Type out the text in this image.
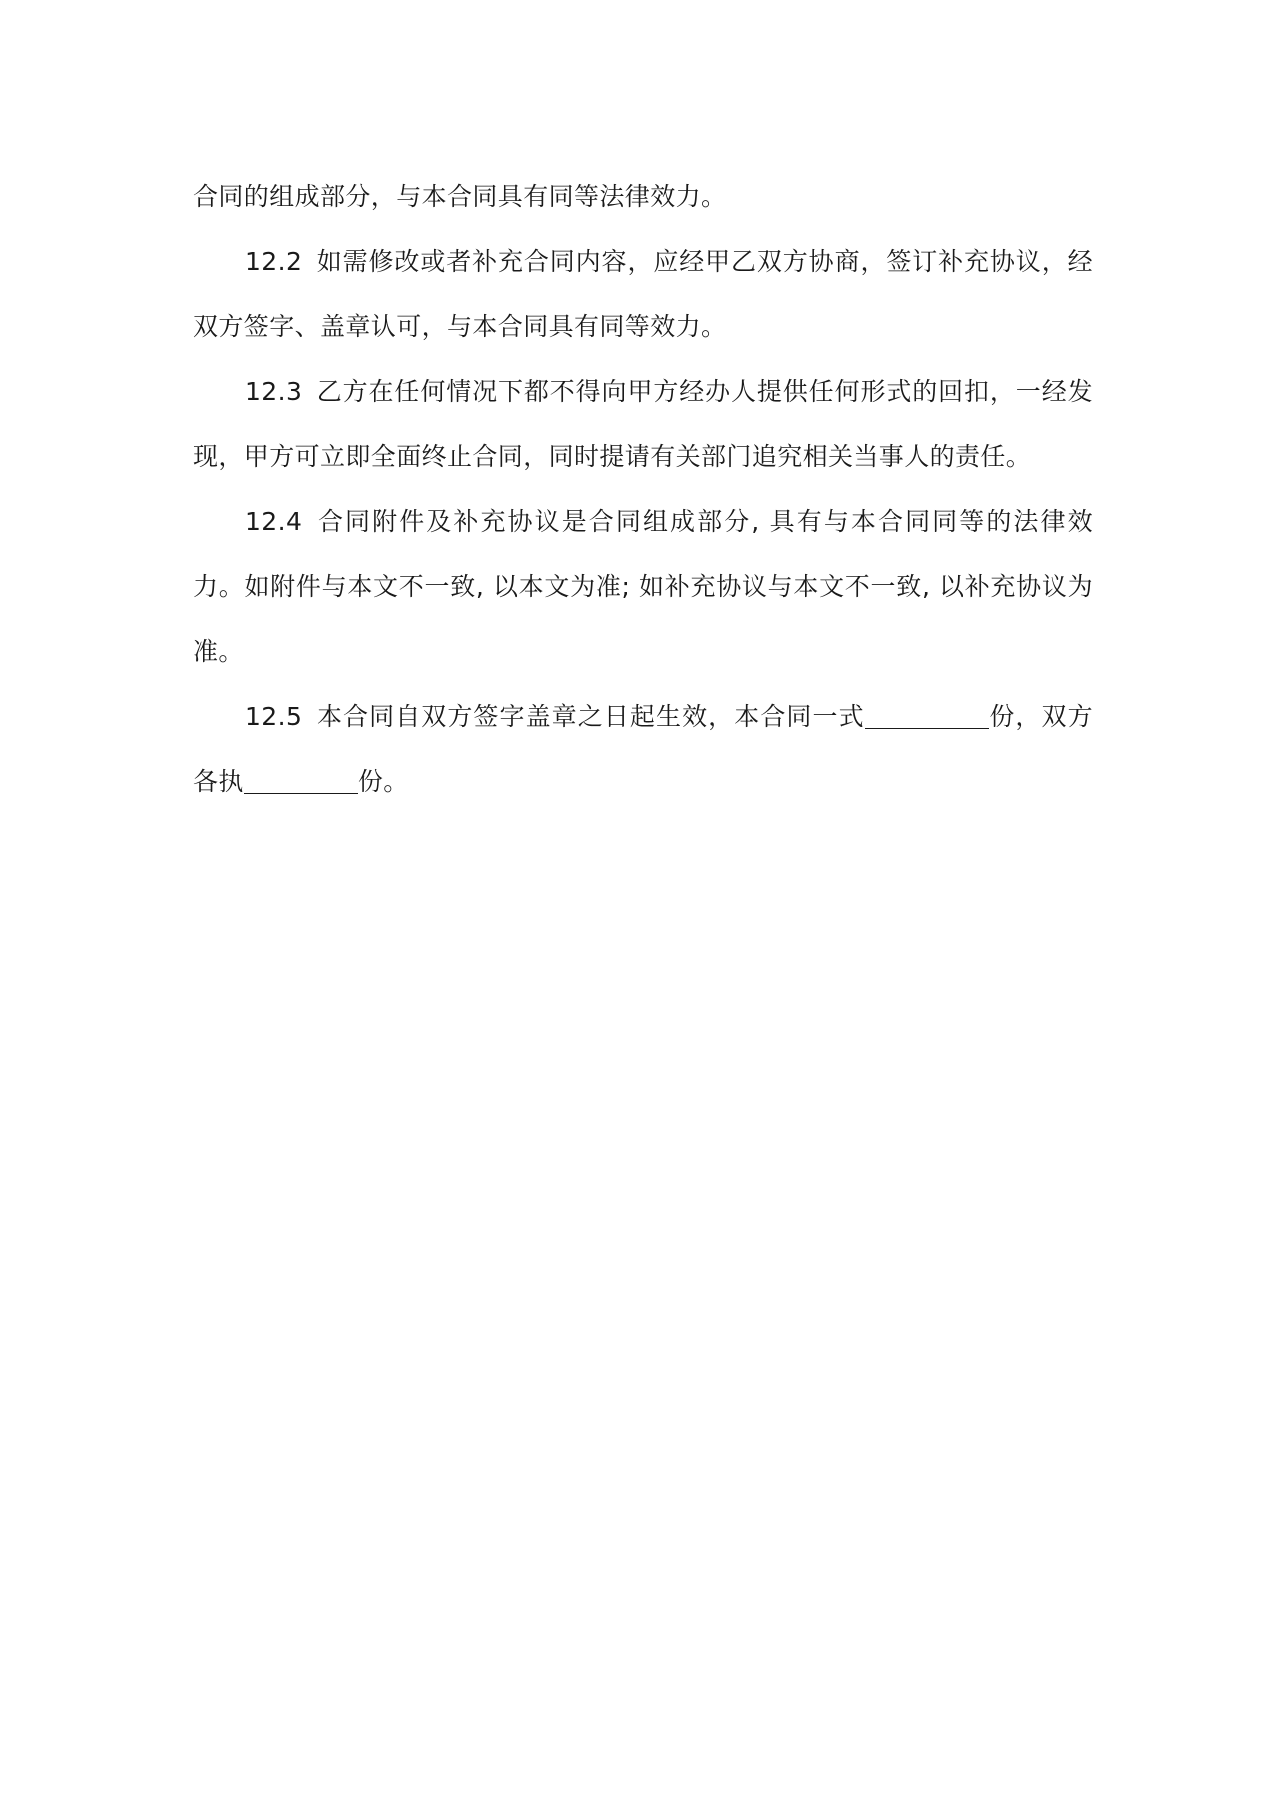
合同的组成部分，与本合同具有同等法律效力。

12.2 如需修改或者补充合同内容，应经甲乙双方协商，签订补充协议，经双方签字、盖章认可，与本合同具有同等效力。

12.3 乙方在任何情况下都不得向甲方经办人提供任何形式的回扣，一经发现，甲方可立即全面终止合同，同时提请有关部门追究相关当事人的责任。

12.4 合同附件及补充协议是合同组成部分, 具有与本合同同等的法律效力。如附件与本文不一致, 以本文为准; 如补充协议与本文不一致, 以补充协议为准。

12.5 本合同自双方签字盖章之日起生效，本合同一式	份，双方各执	份。
